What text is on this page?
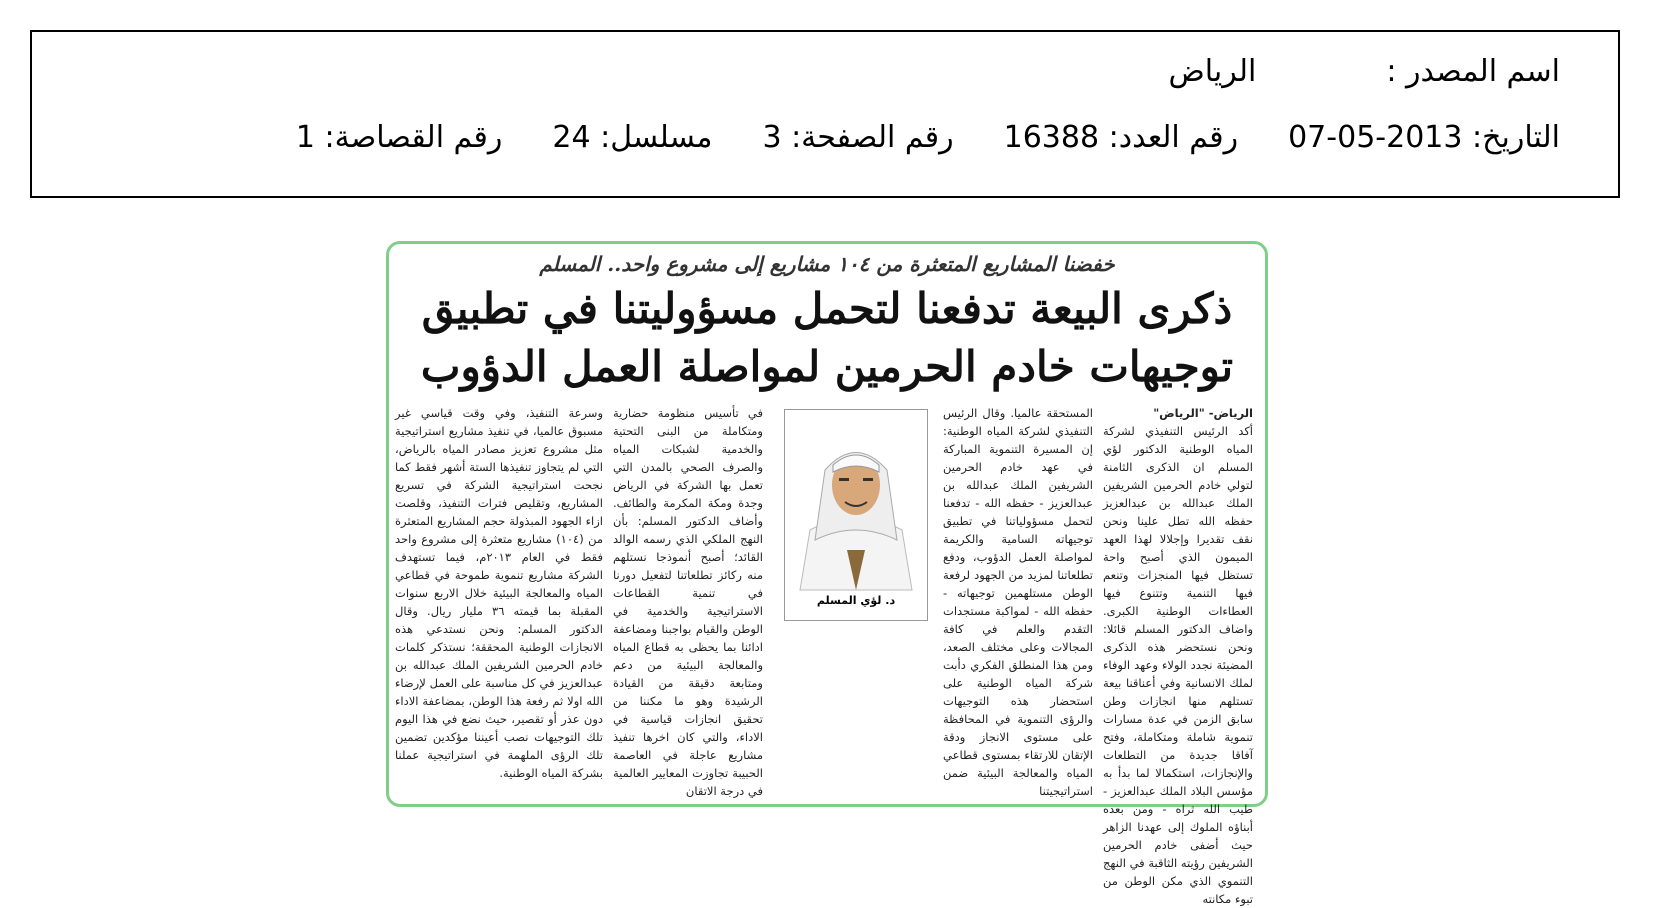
اسم المصدر :الرياض
التاريخ: 2013-05-07رقم العدد: 16388رقم الصفحة: 3مسلسل: 24رقم القصاصة: 1
خفضنا المشاريع المتعثرة من ١٠٤ مشاريع إلى مشروع واحد.. المسلم
ذكرى البيعة تدفعنا لتحمل مسؤوليتنا في تطبيق
توجيهات خادم الحرمين لمواصلة العمل الدؤوب
الرياض- "الرياض"
أكد الرئيس التنفيذي لشركة المياه الوطنية الدكتور لؤي المسلم ان الذكرى الثامنة لتولي خادم الحرمين الشريفين الملك عبدالله بن عبدالعزيز حفظه الله تطل علينا ونحن نقف تقديرا وإجلالا لهذا العهد الميمون الذي أصبح واحة تستظل فيها المنجزات وتنعم فيها التنمية وتتنوع فيها العطاءات الوطنية الكبرى. واضاف الدكتور المسلم قائلا: ونحن نستحضر هذه الذكرى المضيئة نجدد الولاء وعهد الوفاء لملك الانسانية وفي أعناقنا بيعة تستلهم منها انجازات وطن سابق الزمن في عدة مسارات تنموية شاملة ومتكاملة، وفتح آفاقا جديدة من التطلعات والإنجازات، استكمالا لما بدأ به مؤسس البلاد الملك عبدالعزيز - طيب الله ثراه - ومن بعده أبناؤه الملوك إلى عهدنا الزاهر حيث أضفى خادم الحرمين الشريفين رؤيته الثاقبة في النهج التنموي الذي مكن الوطن من تبوء مكانته
المستحقة عالميا. وقال الرئيس التنفيذي لشركة المياه الوطنية: إن المسيرة التنموية المباركة في عهد خادم الحرمين الشريفين الملك عبدالله بن عبدالعزيز - حفظه الله - تدفعنا لتحمل مسؤولياتنا في تطبيق توجيهاته السامية والكريمة لمواصلة العمل الدؤوب، ودفع تطلعاتنا لمزيد من الجهود لرفعة الوطن مستلهمين توجيهاته - حفظه الله - لمواكبة مستجدات التقدم والعلم في كافة المجالات وعلى مختلف الصعد، ومن هذا المنطلق الفكري دأبت شركة المياه الوطنية على استحضار هذه التوجيهات والرؤى التنموية في المحافظة على مستوى الانجاز ودقة الإتقان للارتقاء بمستوى قطاعي المياه والمعالجة البيئية ضمن استراتيجيتنا
في تأسيس منظومة حضارية ومتكاملة من البنى التحتية والخدمية لشبكات المياه والصرف الصحي بالمدن التي تعمل بها الشركة في الرياض وجدة ومكة المكرمة والطائف. وأضاف الدكتور المسلم: بأن النهج الملكي الذي رسمه الوالد القائد؛ أصبح أنموذجا نستلهم منه ركائز تطلعاتنا لتفعيل دورنا في تنمية القطاعات الاستراتيجية والخدمية في الوطن والقيام بواجبنا ومضاعفة ادائنا بما يحظى به قطاع المياه والمعالجة البيئية من دعم ومتابعة دقيقة من القيادة الرشيدة وهو ما مكننا من تحقيق انجازات قياسية في الاداء، والتي كان اخرها تنفيذ مشاريع عاجلة في العاصمة الحبيبة تجاوزت المعايير العالمية في درجة الاتقان
وسرعة التنفيذ، وفي وقت قياسي غير مسبوق عالميا، في تنفيذ مشاريع استراتيجية مثل مشروع تعزيز مصادر المياه بالرياض، التي لم يتجاوز تنفيذها الستة أشهر فقط كما نجحت استراتيجية الشركة في تسريع المشاريع، وتقليص فترات التنفيذ، وقلصت ازاء الجهود المبذولة حجم المشاريع المتعثرة من (١٠٤) مشاريع متعثرة إلى مشروع واحد فقط في العام ٢٠١٣م، فيما تستهدف الشركة مشاريع تنموية طموحة في قطاعي المياه والمعالجة البيئية خلال الاربع سنوات المقبلة بما قيمته ٣٦ مليار ريال. وقال الدكتور المسلم: ونحن نستدعي هذه الانجازات الوطنية المحققة؛ نستذكر كلمات خادم الحرمين الشريفين الملك عبدالله بن عبدالعزيز في كل مناسبة على العمل لإرضاء الله اولا ثم رفعة هذا الوطن، بمضاعفة الاداء دون عذر أو تقصير، حيث نضع في هذا اليوم تلك التوجيهات نصب أعيننا مؤكدين تضمين تلك الرؤى الملهمة في استراتيجية عملنا بشركة المياه الوطنية.
د. لؤي المسلم
